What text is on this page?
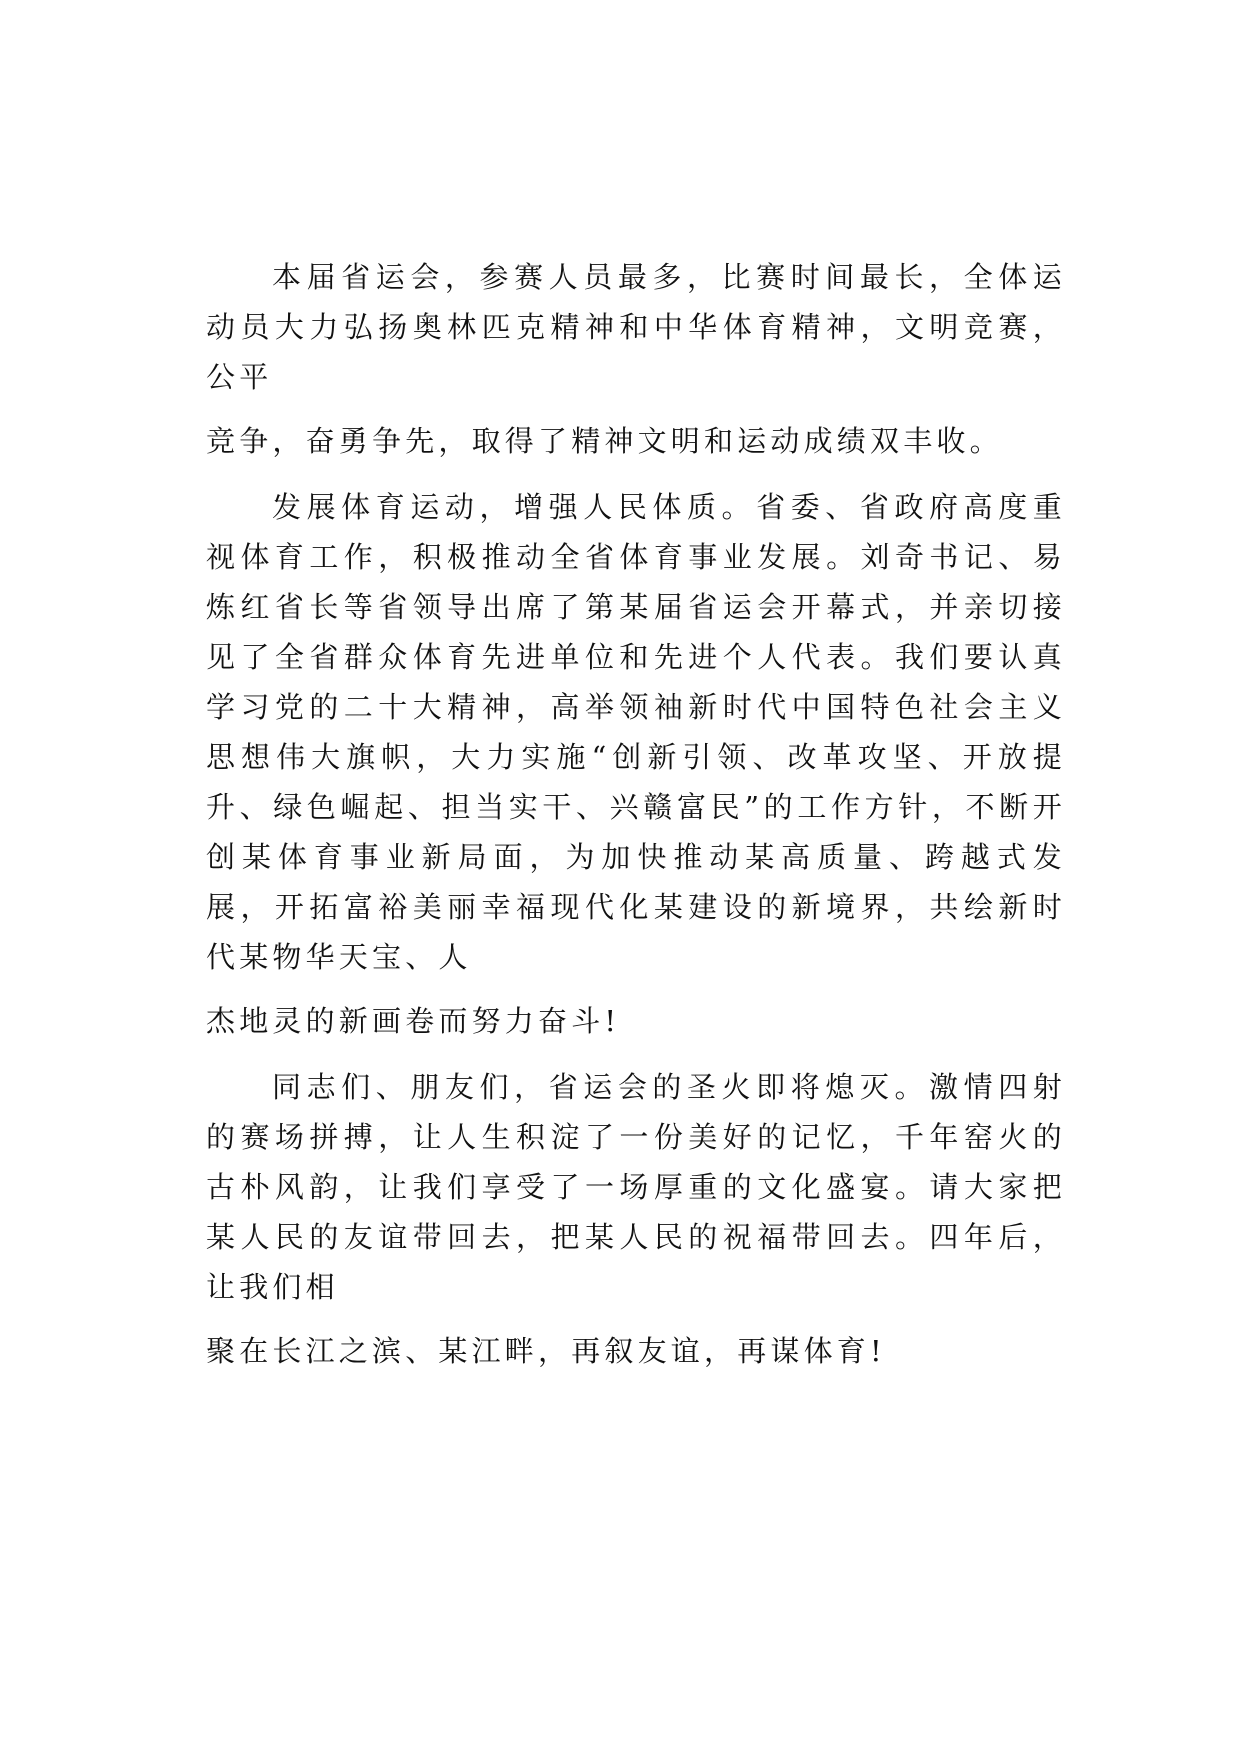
本届省运会，参赛人员最多，比赛时间最长，全体运动员大力弘扬奥林匹克精神和中华体育精神，文明竞赛，公平
竞争，奋勇争先，取得了精神文明和运动成绩双丰收。

发展体育运动，增强人民体质。省委、省政府高度重视体育工作，积极推动全省体育事业发展。刘奇书记、易炼红省长等省领导出席了第某届省运会开幕式，并亲切接见了全省群众体育先进单位和先进个人代表。我们要认真学习党的二十大精神，高举领袖新时代中国特色社会主义思想伟大旗帜，大力实施“创新引领、改革攻坚、开放提升、绿色崛起、担当实干、兴赣富民”的工作方针，不断开创某体育事业新局面，为加快推动某高质量、跨越式发展，开拓富裕美丽幸福现代化某建设的新境界，共绘新时代某物华天宝、人
杰地灵的新画卷而努力奋斗!

同志们、朋友们，省运会的圣火即将熄灭。激情四射的赛场拼搏，让人生积淀了一份美好的记忆，千年窑火的古朴风韵，让我们享受了一场厚重的文化盛宴。请大家把某人民的友谊带回去，把某人民的祝福带回去。四年后，让我们相
聚在长江之滨、某江畔，再叙友谊，再谋体育!
